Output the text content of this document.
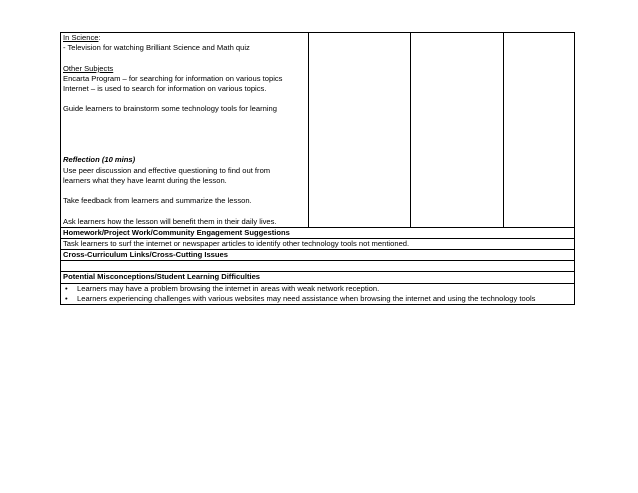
In Science:
- Television for watching Brilliant Science and Math quiz
Other Subjects
Encarta Program – for searching for information on various topics
Internet – is used to search for information on various topics.
Guide learners to brainstorm some technology tools for learning
Reflection (10 mins)
Use peer discussion and effective questioning to find out from
learners what they have learnt during the lesson.
Take feedback from learners and summarize the lesson.
Ask learners how the lesson will benefit them in their daily lives.

Homework/Project Work/Community Engagement Suggestions
Task learners to surf the internet or newspaper articles to identify other technology tools not mentioned.
Cross-Curriculum Links/Cross-Cutting Issues

Potential Misconceptions/Student Learning Difficulties

• Learners may have a problem browsing the internet in areas with weak network reception.
• Learners experiencing challenges with various websites may need assistance when browsing the internet and using the technology tools
